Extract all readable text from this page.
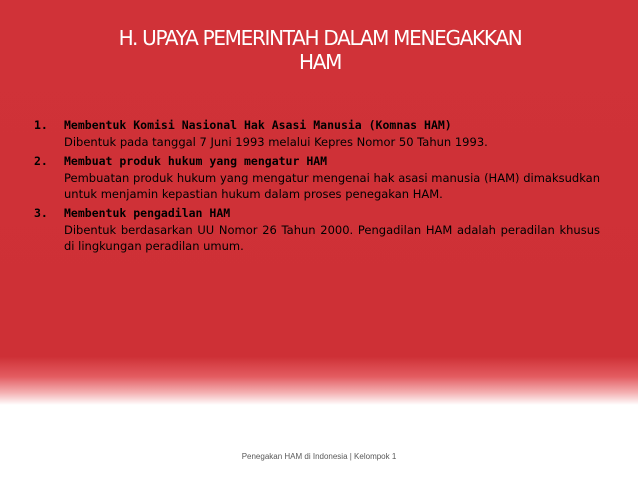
H. UPAYA PEMERINTAH DALAM MENEGAKKAN
HAM
1.	Membentuk Komisi Nasional Hak Asasi Manusia (Komnas HAM)
Dibentuk pada tanggal 7 Juni 1993 melalui Kepres Nomor 50 Tahun 1993.
2.	Membuat produk hukum yang mengatur HAM
Pembuatan produk hukum yang mengatur mengenai hak asasi manusia (HAM) dimaksudkan untuk menjamin kepastian hukum dalam proses penegakan HAM.
3.	Membentuk pengadilan HAM
Dibentuk berdasarkan UU Nomor 26 Tahun 2000. Pengadilan HAM adalah peradilan khusus di lingkungan peradilan umum.
Penegakan HAM di Indonesia | Kelompok 1
